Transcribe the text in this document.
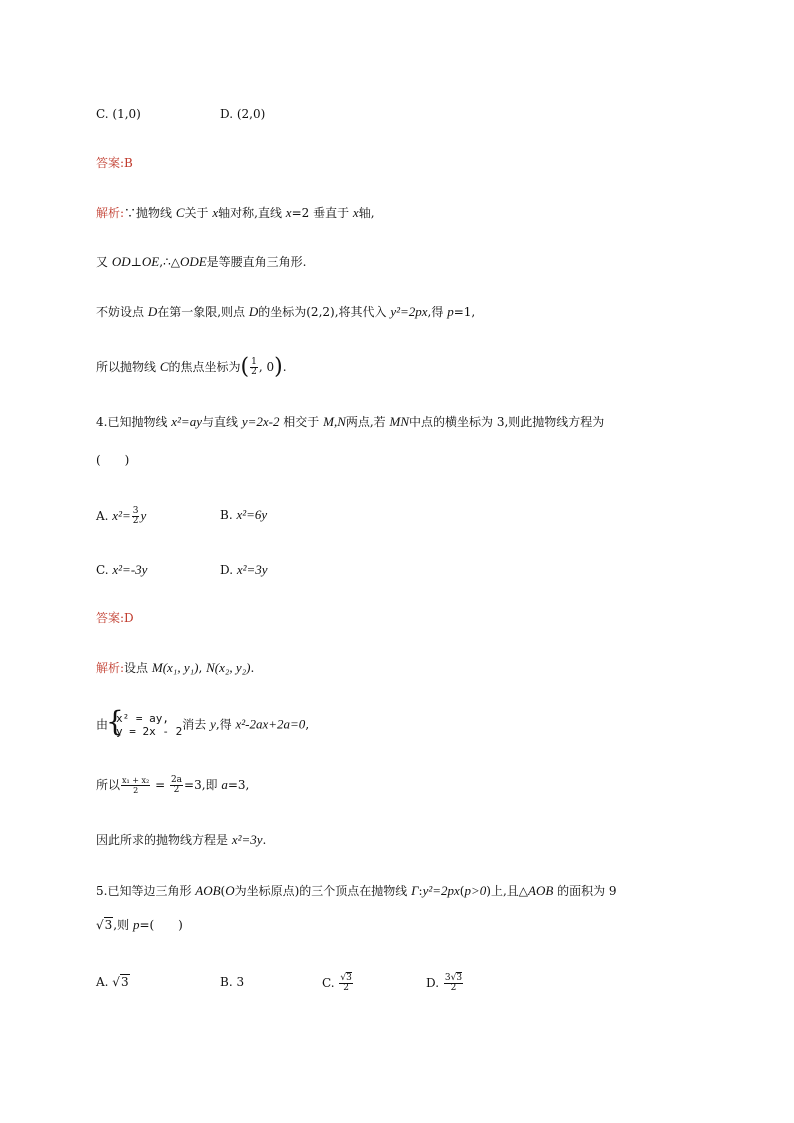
C. (1,0)	D. (2,0)
答案:B
解析:∵抛物线 C关于 x轴对称,直线 x=2 垂直于 x轴,
又 OD⊥OE,∴△ODE是等腰直角三角形.
不妨设点 D在第一象限,则点 D的坐标为(2,2),将其代入 y²=2px,得 p=1,
所以抛物线 C的焦点坐标为( $\frac{1}{2}$ , 0).
4.已知抛物线 x²=ay与直线 y=2x-2 相交于 M,N两点,若 MN中点的横坐标为 3,则此抛物线方程为
(　　)
A. $x^2= \frac{3}{2}$ y	B. x²=6y
C. x²=-3y	D. x²=3y
答案:D
解析:设点 M(x₁, y₁), N(x₂, y₂).
由
{
x² = ay,
y = 2x - 2 消去 y,得 x²-2ax+2a=0,
所以 $\frac{\text{x₁ + x₂}}{2} = \frac{2a}{2} =3$,即 a=3,
因此所求的抛物线方程是 x²=3y.
5.已知等边三角形 AOB(O为坐标原点)的三个顶点在抛物线 Γ:y²=2px(p>0)上,且△AOB 的面积为 9
√3,则 p=(　　)
A. √3	B. 3	C. $\frac{√3}{2}$	D. $\frac{3√3}{2}$
